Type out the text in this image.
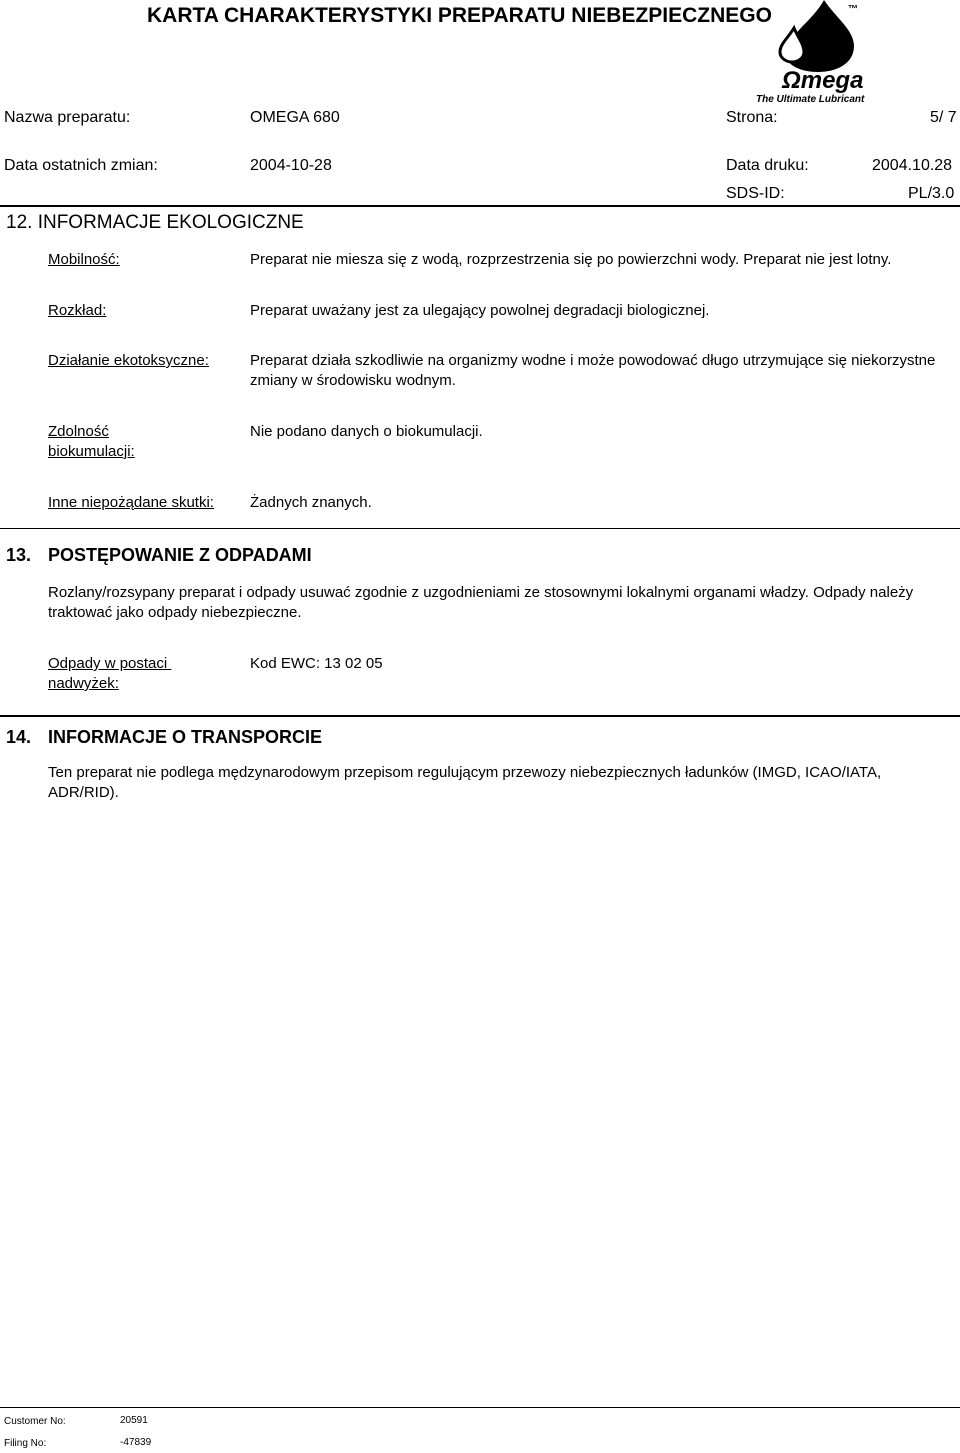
KARTA CHARAKTERYSTYKI PREPARATU NIEBEZPIECZNEGO
Ωmega
The Ultimate Lubricant
™
Nazwa preparatu:	OMEGA 680	Strona:	5/ 7
Data ostatnich zmian:	2004-10-28	Data druku:	2004.10.28
SDS-ID:	PL/3.0
12. INFORMACJE EKOLOGICZNE
Mobilność:	Preparat nie miesza się z wodą, rozprzestrzenia się po powierzchni wody. Preparat nie jest lotny.
Rozkład:	Preparat uważany jest za ulegający powolnej degradacji biologicznej.
Działanie ekotoksyczne:	Preparat działa szkodliwie na organizmy wodne i może powodować długo utrzymujące się niekorzystne zmiany w środowisku wodnym.
Zdolność
biokumulacji:
Nie podano danych o biokumulacji.
Inne niepożądane skutki: Żadnych znanych.
13. POSTĘPOWANIE Z ODPADAMI
Rozlany/rozsypany preparat i odpady usuwać zgodnie z uzgodnieniami ze stosownymi lokalnymi organami władzy. Odpady należy traktować jako odpady niebezpieczne.
Odpady w postaci
nadwyżek:
Kod EWC: 13 02 05
14. INFORMACJE O TRANSPORCIE
Ten preparat nie podlega mędzynarodowym przepisom regulującym przewozy niebezpiecznych ładunków (IMGD, ICAO/IATA, ADR/RID).
Customer No:	20591
Filing No:	-47839
